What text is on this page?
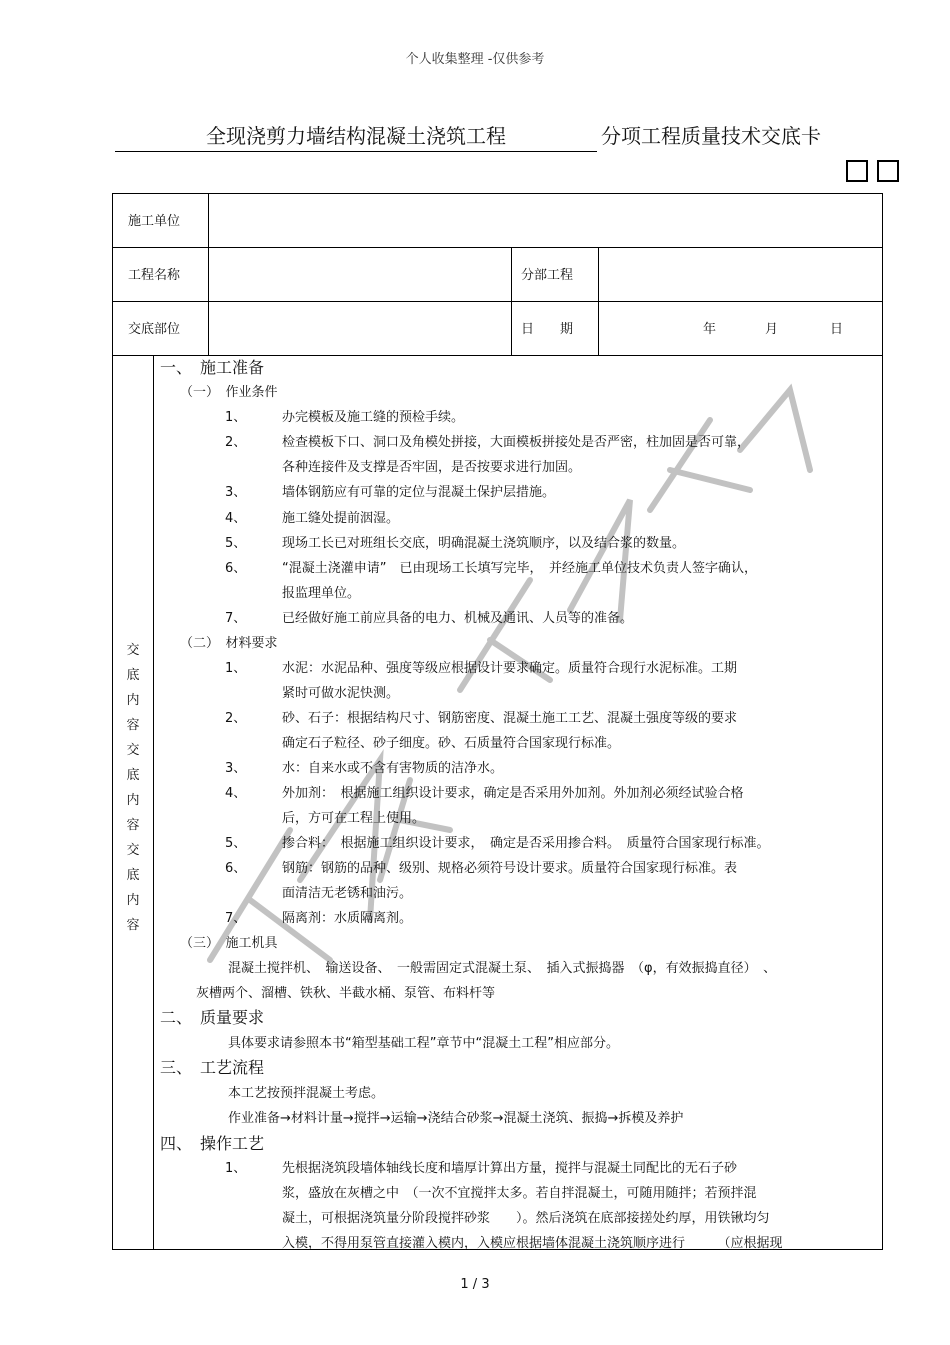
个人收集整理 -仅供参考
全现浇剪力墙结构混凝土浇筑工程	分项工程质量技术交底卡

施工单位
工程名称	分部工程
交底部位	日　　期	年	月	日
交底内容交底内容交底内容
一、　施工准备
（一）　作业条件
1、	办完模板及施工缝的预检手续。
2、	检查模板下口、洞口及角模处拼接，大面模板拼接处是否严密，柱加固是否可靠，
各种连接件及支撑是否牢固，是否按要求进行加固。
3、	墙体钢筋应有可靠的定位与混凝土保护层措施。
4、	施工缝处提前洇湿。
5、	现场工长已对班组长交底，明确混凝土浇筑顺序，以及结合浆的数量。
6、	“混凝土浇灌申请”　已由现场工长填写完毕，　并经施工单位技术负责人签字确认，
报监理单位。
7、	已经做好施工前应具备的电力、机械及通讯、人员等的准备。
（二）　材料要求
1、	水泥：水泥品种、强度等级应根据设计要求确定。质量符合现行水泥标准。工期
紧时可做水泥快测。
2、	砂、石子：根据结构尺寸、钢筋密度、混凝土施工工艺、混凝土强度等级的要求
确定石子粒径、砂子细度。砂、石质量符合国家现行标准。
3、	水：自来水或不含有害物质的洁净水。
4、	外加剂：　根据施工组织设计要求，确定是否采用外加剂。外加剂必须经试验合格
后，方可在工程上使用。
5、	掺合料：　根据施工组织设计要求，　确定是否采用掺合料。　质量符合国家现行标准。
6、	钢筋：钢筋的品种、级别、规格必须符号设计要求。质量符合国家现行标准。表
面清洁无老锈和油污。
7、	隔离剂：水质隔离剂。
（三）　施工机具
混凝土搅拌机、　输送设备、　一般需固定式混凝土泵、　插入式振捣器　（φ，有效振捣直径）　、
灰槽两个、溜槽、铁秋、半截水桶、泵管、布料杆等
二、　质量要求
具体要求请参照本书“箱型基础工程”章节中“混凝土工程”相应部分。
三、　工艺流程
本工艺按预拌混凝土考虑。
作业准备→材料计量→搅拌→运输→浇结合砂浆→混凝土浇筑、振捣→拆模及养护
四、　操作工艺
1、	先根据浇筑段墙体轴线长度和墙厚计算出方量，搅拌与混凝土同配比的无石子砂
浆，盛放在灰槽之中　（一次不宜搅拌太多。若自拌混凝土，可随用随拌；若预拌混
凝土，可根据浇筑量分阶段搅拌砂浆　　）。然后浇筑在底部接搓处约厚，用铁锹均匀
入模，不得用泵管直接灌入模内，入模应根据墙体混凝土浇筑顺序进行　　　（应根据现
1 / 3
